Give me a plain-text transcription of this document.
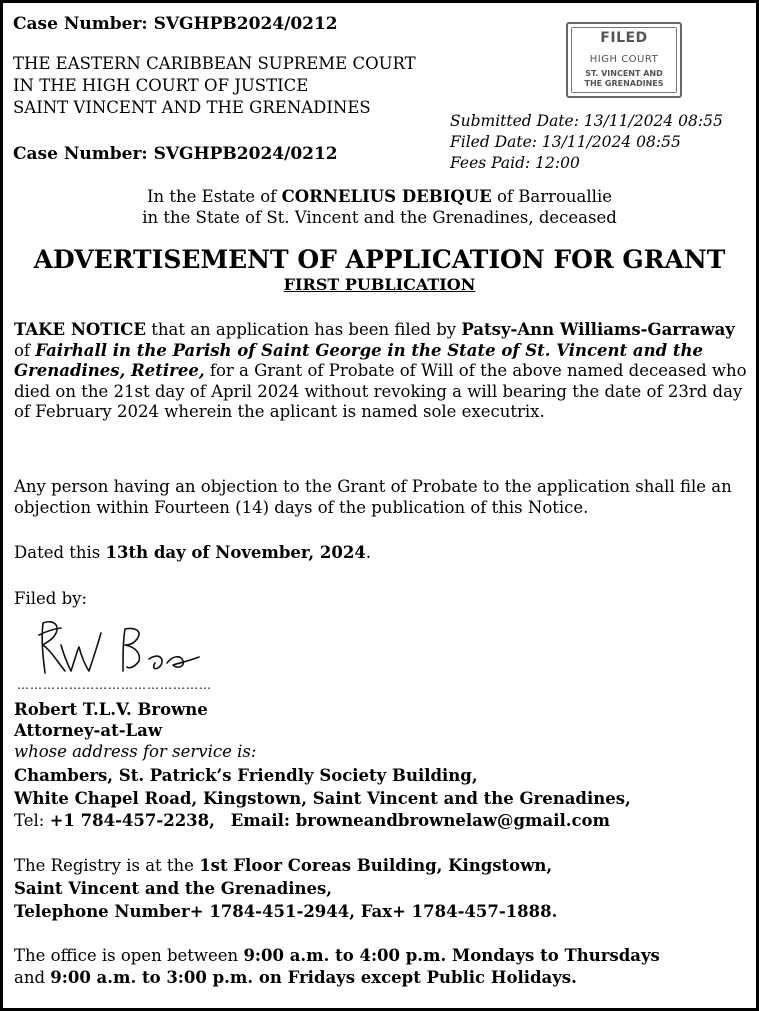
Case Number: SVGHPB2024/0212
THE EASTERN CARIBBEAN SUPREME COURT
IN THE HIGH COURT OF JUSTICE
SAINT VINCENT AND THE GRENADINES
Case Number: SVGHPB2024/0212
FILED
HIGH COURT
ST. VINCENT AND
THE GRENADINES
Submitted Date: 13/11/2024 08:55
Filed Date: 13/11/2024 08:55
Fees Paid: 12:00
In the Estate of CORNELIUS DEBIQUE of Barrouallie
in the State of St. Vincent and the Grenadines, deceased
ADVERTISEMENT OF APPLICATION FOR GRANT
FIRST PUBLICATION
TAKE NOTICE that an application has been filed by Patsy-Ann Williams-Garraway of Fairhall in the Parish of Saint George in the State of St. Vincent and the Grenadines, Retiree, for a Grant of Probate of Will of the above named deceased who died on the 21st day of April 2024 without revoking a will bearing the date of 23rd day of February 2024 wherein the aplicant is named sole executrix.
Any person having an objection to the Grant of Probate to the application shall file an objection within Fourteen (14) days of the publication of this Notice.
Dated this 13th day of November, 2024.
Filed by:
………………………………………
Robert T.L.V. Browne
Attorney-at-Law
whose address for service is:
Chambers, St. Patrick’s Friendly Society Building,
White Chapel Road, Kingstown, Saint Vincent and the Grenadines,
Tel: +1 784-457-2238, Email: browneandbrownelaw@gmail.com
The Registry is at the 1st Floor Coreas Building, Kingstown,
Saint Vincent and the Grenadines,
Telephone Number+ 1784-451-2944, Fax+ 1784-457-1888.
The office is open between 9:00 a.m. to 4:00 p.m. Mondays to Thursdays
and 9:00 a.m. to 3:00 p.m. on Fridays except Public Holidays.
